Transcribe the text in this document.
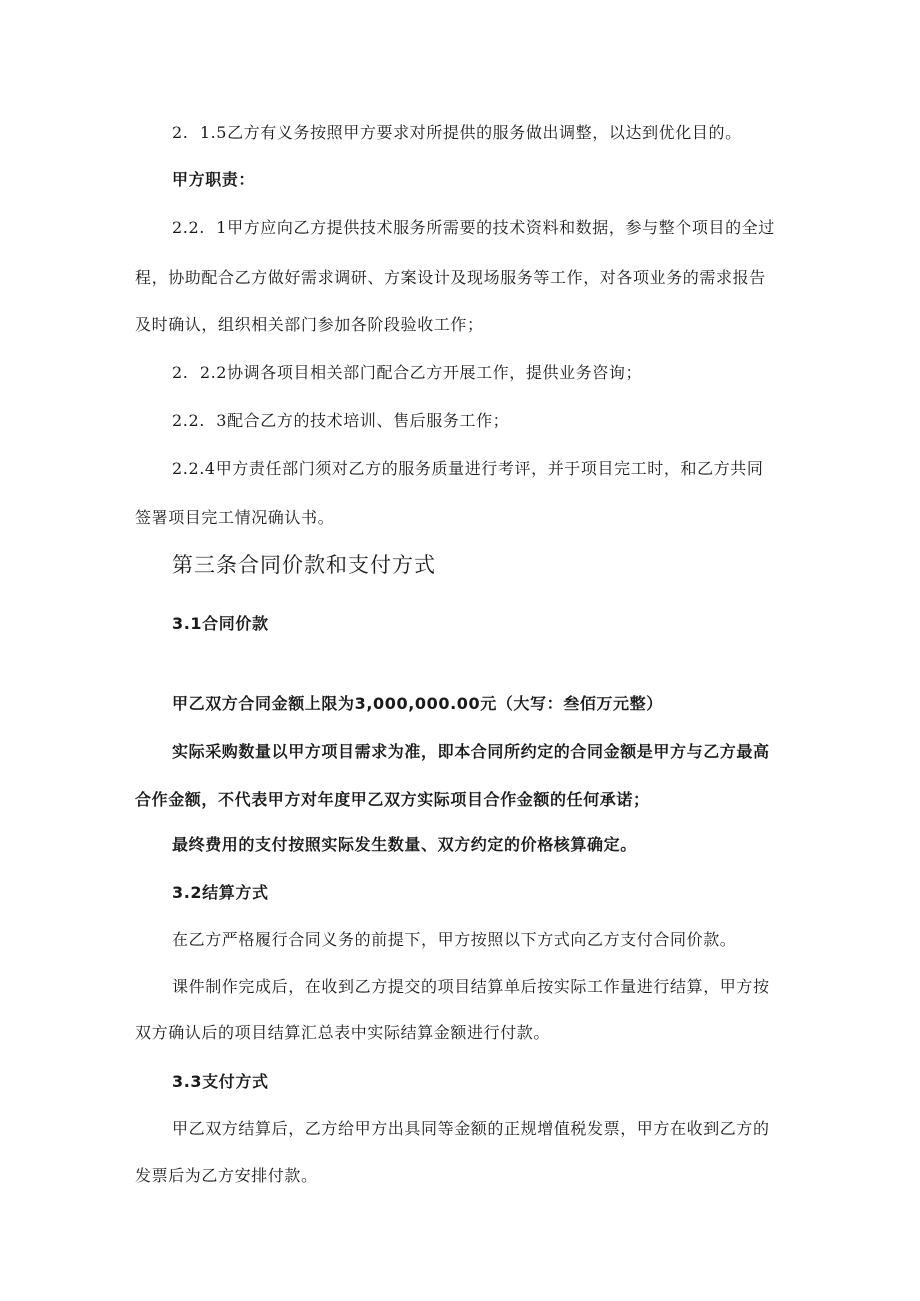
2.  1.5乙方有义务按照甲方要求对所提供的服务做出调整，以达到优化目的。
甲方职责：
2.2.  1甲方应向乙方提供技术服务所需要的技术资料和数据，参与整个项目的全过
程，协助配合乙方做好需求调研、方案设计及现场服务等工作，对各项业务的需求报告
及时确认，组织相关部门参加各阶段验收工作；
2.  2.2协调各项目相关部门配合乙方开展工作，提供业务咨询；
2.2.  3配合乙方的技术培训、售后服务工作；
2.2.4甲方责任部门须对乙方的服务质量进行考评，并于项目完工时，和乙方共同
签署项目完工情况确认书。
第三条合同价款和支付方式
3.1合同价款
甲乙双方合同金额上限为3,000,000.00元（大写：叁佰万元整）
实际采购数量以甲方项目需求为准，即本合同所约定的合同金额是甲方与乙方最高
合作金额，不代表甲方对年度甲乙双方实际项目合作金额的任何承诺；
最终费用的支付按照实际发生数量、双方约定的价格核算确定。
3.2结算方式
在乙方严格履行合同义务的前提下，甲方按照以下方式向乙方支付合同价款。
课件制作完成后，在收到乙方提交的项目结算单后按实际工作量进行结算，甲方按
双方确认后的项目结算汇总表中实际结算金额进行付款。
3.3支付方式
甲乙双方结算后，乙方给甲方出具同等金额的正规增值税发票，甲方在收到乙方的
发票后为乙方安排付款。
